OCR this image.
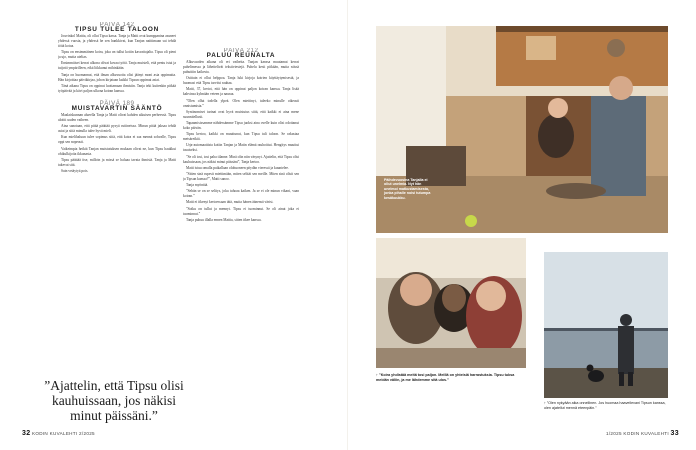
PÄIVÄ 142
TIPSU TULEE TALOON

Jouvinkol Mattia, oli ollut Tipsu kassa. Tanja ja Matti ovat kumppanina asuneet yhdessä vuosia, ja yhdessä he sen hankkivat, kun Tanjan naittimaan sai tehdä töitä kotoa.

Tipsu on ensimmäinen koira, joka on tullut kotiin kasvattajalta. Tipsu oli pieni ja ujo, mutta utelias.

Ensimmäiset kerrat ulkona olivat kovaa työtä. Tanja muisteli, että pentu istui ja tuijotti ympärilleen, eikä liikkunut mihinkään.

Tanja on huomannut, että ilman alkuvuotta olisi jäänyt moni asia oppimatta. Hän kirjoittaa päiväkirjaa, johon kirjataan kaikki Tipsun oppimat asiat.

Tänä aikana Tipsu on oppinut luottamaan ihmisiin. Tanja teki kuitenkin pitkää työpäivää ja kävi paljon ulkona koiran kanssa.

PÄIVÄ 189
MUISTAVARTIN SÄÄNTÖ

Maalaiskunnan alueella Tanja ja Matti olivat kahden aikuisen perheessä. Tipsu aloitti uuden vaiheen.

Aina sanotaan, että pitää päättää pysyä rutiineissa. Minun pitää jaksaa tehdä asiat ja siitä minulla tulee hyvä mieli.

Kun mielihaluun tulee sopimus siitä, että koira ei saa mennä sohvalle, Tipsu oppi sen nopeasti.

Vaikeimpia hetkiä Tanjan muistutuksen mukaan olivat ne, kun Tipsu haukkui ohikulkijoita ikkunasta.

Tipsu päättää itse, milloin ja missä se haluaa tavata ihmisiä. Tanja ja Matti tukevat sitä.

Sain vetäytyä pois.

PÄIVÄ 212
PALUU REUNALTA

Alkuvuoden aikana oli eri vaiheita. Tanjan kanssa muutamat kerrat puhelimessa ja lähettelivät tekstiviestejä. Puhelu kesti pitkään, mutta niissä puhuttiin kaikesta.

Osittain ei ollut helppoa. Tanja luki kirjoja koirien käyttäytymisestä, ja huomasi että Tipsu tarvitsi rauhaa.

Matti, 37, kertoi, että hän on oppinut paljon koiran kanssa. Tanja lisää kahvinsa kylmään veteen ja nauraa.

”Olen ollut todella ylpeä. Olen miettinyt, tuleeko minulle oikeasti onnistumisia.”

Syntinomiset tarinat ovat hyvä muistutus siitä, että kaikki ei aina mene suunnitellusti.

Tapaamisissamme nähdessämme Tipsu juoksi aina ovelle kuin olisi odottanut koko päivän.

Tipsu kertoo, kaikki on muuttunut, kun Tipsu tuli taloon. Se rakastaa metsäretkiä.

Urja-automaattista kotiin Tanjan ja Matin elämä rauhoittui. Hengitys muuttui tasaiseksi.

”Se oli tosi, tosi paha tilanne. Minä olin niin väsynyt. Ajattelin, että Tipsu olisi kauhuissaan, jos näkisi minut päissäni”, Tanja kertoo.

Matti istuu omalla paikallaan olohuoneen pöydän vieressä ja kuuntelee.

”Sitten sinä rupesit miettimään, miten selität sen meille. Miten sinä olisit sen ja Tipsun kanssa?”, Matti sanoo.

Tanja myöntää.

”Sehän se on se selitys, joka tuhoaa kaiken. Ja se ei ole minun vikani, vaan koiran.”

Matti ei itkenyt kertoessaan tätä, mutta hänen äänensä värisi.

”Sotku on tullut ja mennyt. Tipsu ei tuominnut. Se oli ainut joka ei tuominnut.”

Tanja puhuu illalla ennen Mattia, sitten itkee kanssa.

”Ajattelin, että Tipsu olisi kauhuissaan, jos näkisi minut päissäni.”
32 KODIN KUVALEHTI 2/2025
Päihdevuosina Tanjalla ei ollut unelmia. Nyt hän unelmoi matkustamisesta, jonka pihalle noisi tutumpa kesäkuukku.
↑ ”Koira yhdistää meitä tosi paljon. Meillä on yhteisiä harrastuksia. Tipsu tuksa meidän väliin, ja me lähdemme sitä ulos.”
↑ ”Olen nykyään aika onnellinen. Jos huomaa haaveilevani Tipsun kanssa, olen ajatellut mennä eteenpäin.”
1/2025 KODIN KUVALEHTI 33
